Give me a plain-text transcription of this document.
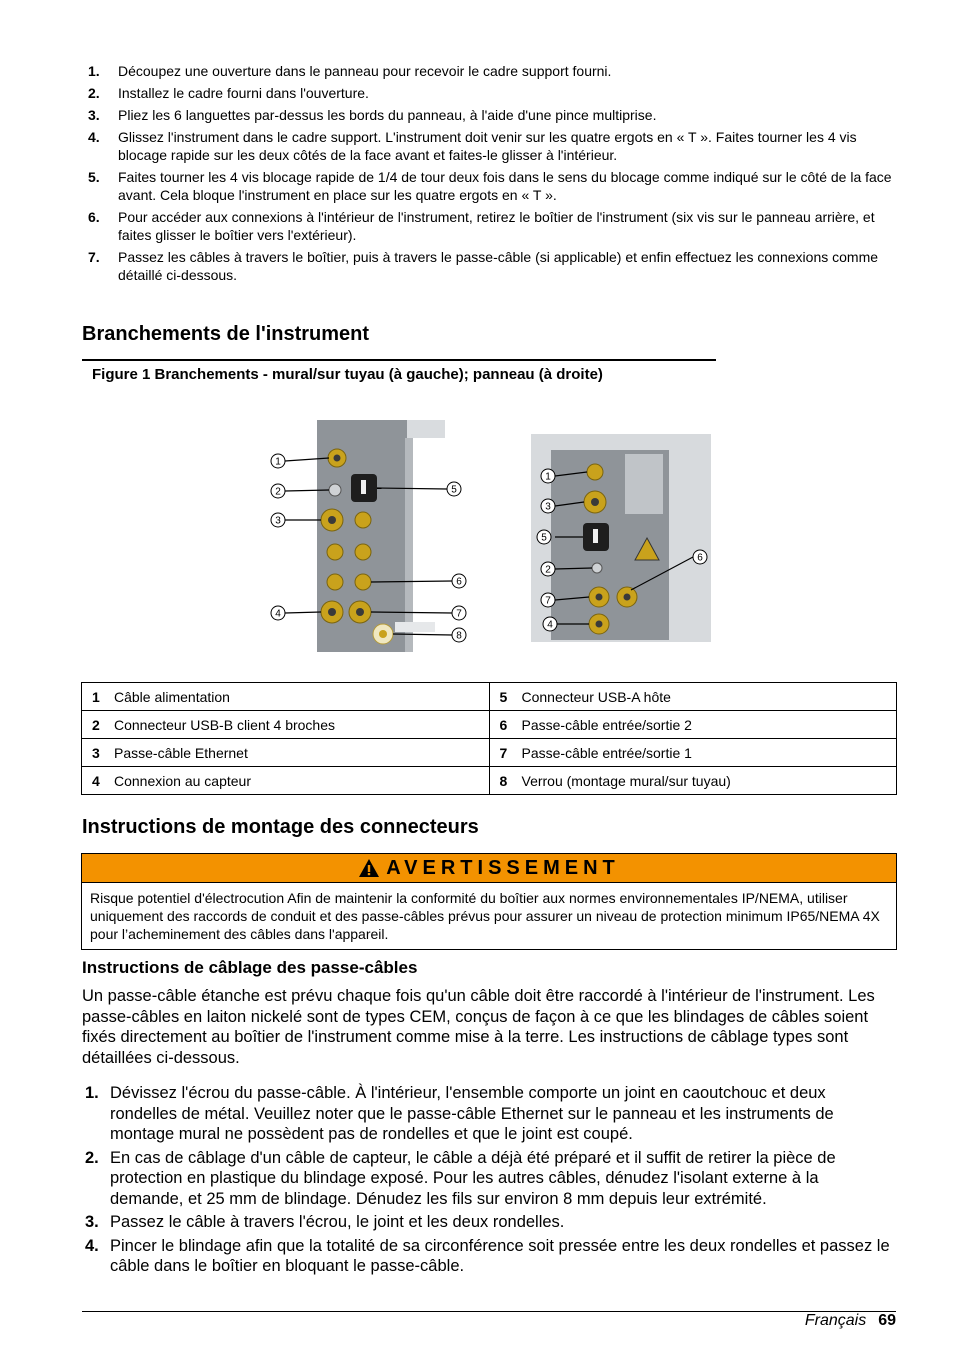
1. Découpez une ouverture dans le panneau pour recevoir le cadre support fourni.
2. Installez le cadre fourni dans l'ouverture.
3. Pliez les 6 languettes par-dessus les bords du panneau, à l'aide d'une pince multiprise.
4. Glissez l'instrument dans le cadre support. L'instrument doit venir sur les quatre ergots en « T ». Faites tourner les 4 vis blocage rapide sur les deux côtés de la face avant et faites-le glisser à l'intérieur.
5. Faites tourner les 4 vis blocage rapide de 1/4 de tour deux fois dans le sens du blocage comme indiqué sur le côté de la face avant. Cela bloque l'instrument en place sur les quatre ergots en « T ».
6. Pour accéder aux connexions à l'intérieur de l'instrument, retirez le boîtier de l'instrument (six vis sur le panneau arrière, et faites glisser le boîtier vers l'extérieur).
7. Passez les câbles à travers le boîtier, puis à travers le passe-câble (si applicable) et enfin effectuez les connexions comme détaillé ci-dessous.
Branchements de l'instrument
Figure 1 Branchements - mural/sur tuyau (à gauche); panneau (à droite)
1
2
3
4
5
6
7
8
1
3
5
2
7
4
6
1 Câble alimentation	5 Connecteur USB-A hôte
2 Connecteur USB-B client 4 broches	6 Passe-câble entrée/sortie 2
3 Passe-câble Ethernet	7 Passe-câble entrée/sortie 1
4 Connexion au capteur	8 Verrou (montage mural/sur tuyau)
Instructions de montage des connecteurs
AVERTISSEMENT
Risque potentiel d'électrocution Afin de maintenir la conformité du boîtier aux normes environnementales IP/NEMA, utiliser uniquement des raccords de conduit et des passe-câbles prévus pour assurer un niveau de protection minimum IP65/NEMA 4X pour l’acheminement des câbles dans l'appareil.
Instructions de câblage des passe-câbles

Un passe-câble étanche est prévu chaque fois qu'un câble doit être raccordé à l'intérieur de l'instrument. Les passe-câbles en laiton nickelé sont de types CEM, conçus de façon à ce que les blindages de câbles soient fixés directement au boîtier de l'instrument comme mise à la terre. Les instructions de câblage types sont détaillées ci-dessous.

1. Dévissez l'écrou du passe-câble. À l'intérieur, l'ensemble comporte un joint en caoutchouc et deux rondelles de métal. Veuillez noter que le passe-câble Ethernet sur le panneau et les instruments de montage mural ne possèdent pas de rondelles et que le joint est coupé.
2. En cas de câblage d'un câble de capteur, le câble a déjà été préparé et il suffit de retirer la pièce de protection en plastique du blindage exposé. Pour les autres câbles, dénudez l'isolant externe à la demande, et 25 mm de blindage. Dénudez les fils sur environ 8 mm depuis leur extrémité.
3. Passez le câble à travers l'écrou, le joint et les deux rondelles.
4. Pincer le blindage afin que la totalité de sa circonférence soit pressée entre les deux rondelles et passez le câble dans le boîtier en bloquant le passe-câble.
Français 69
